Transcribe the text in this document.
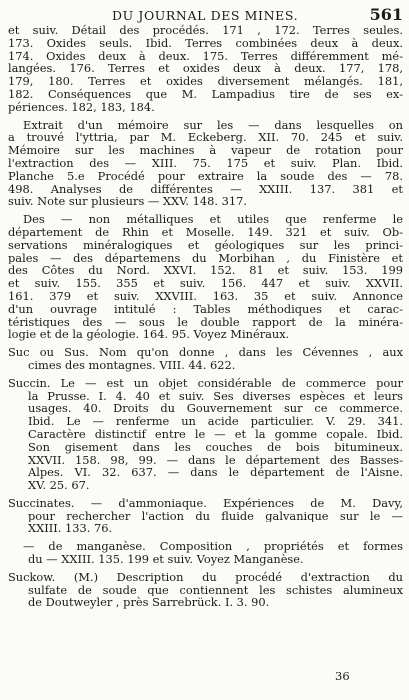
DU JOURNAL DES MINES.	561
et suiv. Détail des procédés. 171 , 172. Terres seules.
173. Oxides seuls. Ibid. Terres combinées deux à deux.
174. Oxides deux à deux. 175. Terres différemment mé-
langées. 176. Terres et oxides deux à deux. 177, 178,
179, 180. Terres et oxides diversement mélangés. 181,
182. Conséquences que M. Lampadius tire de ses ex-
périences. 182, 183, 184.
Extrait d'un mémoire sur les — dans lesquelles on
a trouvé l'yttria, par M. Eckeberg. XII. 70. 245 et suiv.
Mémoire sur les machines à vapeur de rotation pour
l'extraction des — XIII. 75. 175 et suiv. Plan. Ibid.
Planche 5.e Procédé pour extraire la soude des — 78.
498. Analyses de différentes — XXIII. 137. 381 et
suiv. Note sur plusieurs — XXV. 148. 317.
Des — non métalliques et utiles que renferme le
département de Rhin et Moselle. 149. 321 et suiv. Ob-
servations minéralogiques et géologiques sur les princi-
pales — des départemens du Morbihan , du Finistère et
des Côtes du Nord. XXVI. 152. 81 et suiv. 153. 199
et suiv. 155. 355 et suiv. 156. 447 et suiv. XXVII.
161. 379 et suiv. XXVIII. 163. 35 et suiv. Annonce
d'un ouvrage intitulé : Tables méthodiques et carac-
téristiques des — sous le double rapport de la minéra-
logie et de la géologie. 164. 95. Voyez Minéraux.
Suc ou Sus. Nom qu'on donne , dans les Cévennes , aux
cimes des montagnes. VIII. 44. 622.
Succin. Le — est un objet considérable de commerce pour
la Prusse. I. 4. 40 et suiv. Ses diverses espèces et leurs
usages. 40. Droits du Gouvernement sur ce commerce.
Ibid. Le — renferme un acide particulier. V. 29. 341.
Caractère distinctif entre le — et la gomme copale. Ibid.
Son gisement dans les couches de bois bitumineux.
XXVII. 158. 98, 99. — dans le département des Basses-
Alpes. VI. 32. 637. — dans le département de l'Aisne.
XV. 25. 67.
Succinates. — d'ammoniaque. Expériences de M. Davy,
pour rechercher l'action du fluide galvanique sur le —
XXIII. 133. 76.
— de manganèse. Composition , propriétés et formes
du — XXIII. 135. 199 et suiv. Voyez Manganèse.
Suckow. (M.) Description du procédé d'extraction du
sulfate de soude que contiennent les schistes alumineux
de Doutweyler , près Sarrebrück. I. 3. 90.
36
